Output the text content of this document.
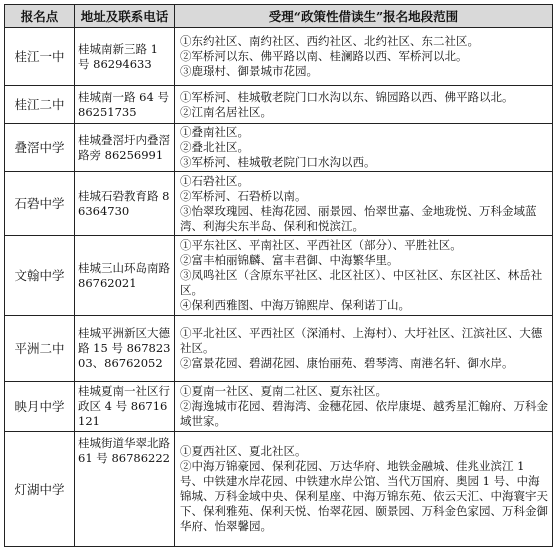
报名点	地址及联系电话	受理“政策性借读生”报名地段范围
桂江一中	桂城南新三路 1 号 86294633	①东约社区、南约社区、西约社区、北约社区、东二社区。
②军桥河以东、佛平路以南、桂澜路以西、军桥河以北。
③鹿璟村、御景城市花园。

桂江二中	桂城南一路 64 号 86251735	①军桥河、桂城敬老院门口水沟以东、锦园路以西、佛平路以北。
②江南名居社区。

叠滘中学	桂城叠滘圩内叠滘路旁 86256991	①叠南社区。
②叠北社区。
③军桥河、桂城敬老院门口水沟以西。

石䂬中学	桂城石䂬教育路 86364730	①石䂬社区。
②军桥河、石䂬桥以南。
③怡翠玫瑰园、桂海花园、丽景园、怡翠世嘉、金地珑悦、万科金域蓝湾、利海尖东半岛、保利和悦滨江。

文翰中学	桂城三山环岛南路 86762021	①平东社区、平南社区、平西社区（部分）、平胜社区。
②富丰柏丽锦麟、富丰君御、中海繁华里。
③凤鸣社区（含原东平社区、北区社区）、中区社区、东区社区、林岳社区。
④保利西雅图、中海万锦熙岸、保利诺丁山。

平洲二中	桂城平洲新区大德路 15 号 86782303、86762052	①平北社区、平西社区（深涌村、上海村）、大圩社区、江滨社区、大德社区。
②富景花园、碧湖花园、康怡丽苑、碧琴湾、南港名轩、御水岸。

映月中学	桂城夏南一社区行政区 4 号 86716121	①夏南一社区、夏南二社区、夏东社区。
②海逸城市花园、碧海湾、金穗花园、依岸康堤、越秀星汇翰府、万科金域世家。

灯湖中学	桂城街道华翠北路 61 号 86786222	①夏西社区、夏北社区。
②中海万锦豪园、保利花园、万达华府、地铁金融城、佳兆业滨江 1 号、中铁建水岸花园、中铁建水岸公馆、当代万国府、奥园 1 号、中海锦城、万科金域中央、保利星座、中海万锦东苑、依云天汇、中海寰宇天下、保利雅苑、保利天悦、怡翠花园、颐景园、万科金色家园、万科金御华府、怡翠馨园。
